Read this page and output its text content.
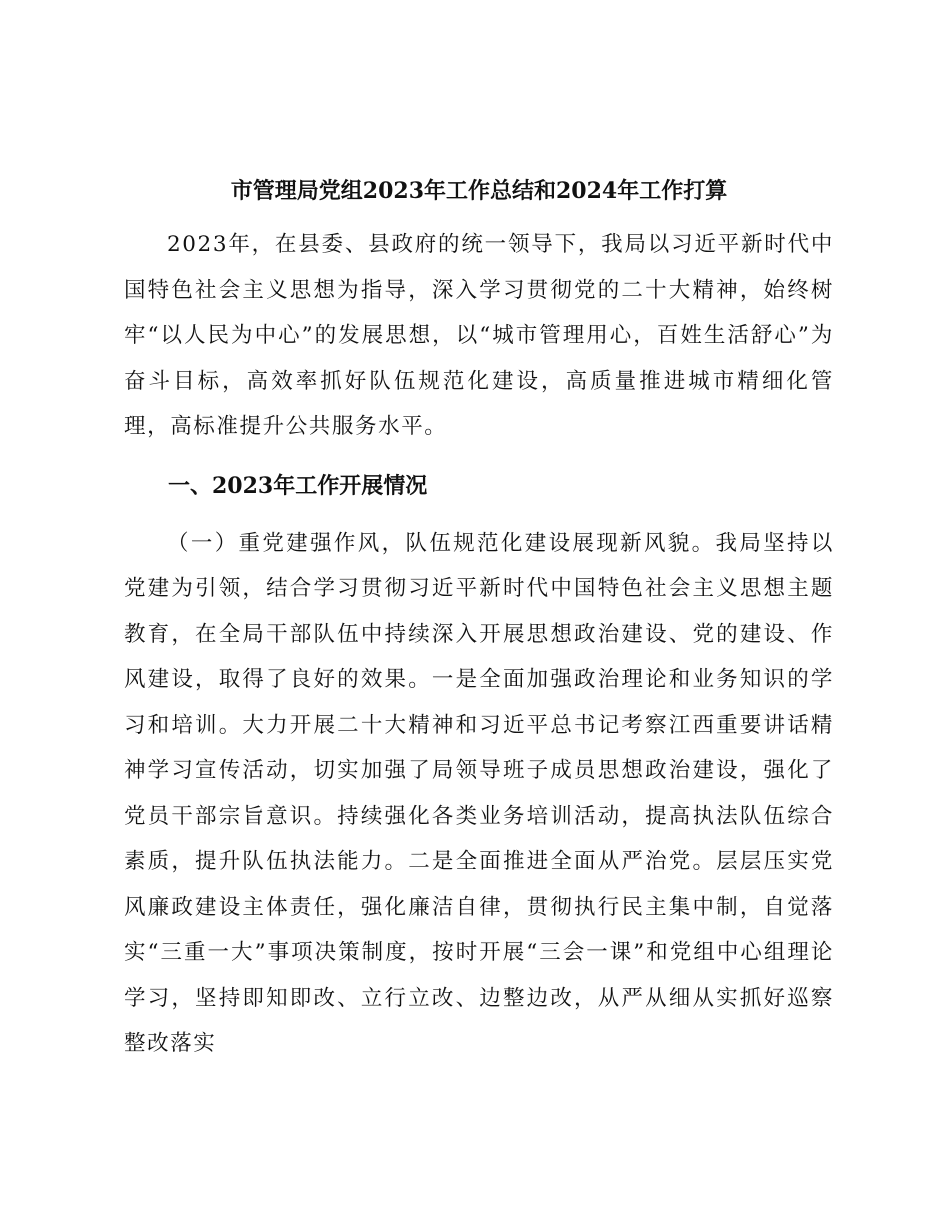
市管理局党组2023年工作总结和2024年工作打算

2023年，在县委、县政府的统一领导下，我局以习近平新时代中国特色社会主义思想为指导，深入学习贯彻党的二十大精神，始终树牢“以人民为中心”的发展思想，以“城市管理用心，百姓生活舒心”为奋斗目标，高效率抓好队伍规范化建设，高质量推进城市精细化管理，高标准提升公共服务水平。

一、2023年工作开展情况

（一）重党建强作风，队伍规范化建设展现新风貌。我局坚持以党建为引领，结合学习贯彻习近平新时代中国特色社会主义思想主题教育，在全局干部队伍中持续深入开展思想政治建设、党的建设、作风建设，取得了良好的效果。一是全面加强政治理论和业务知识的学习和培训。大力开展二十大精神和习近平总书记考察江西重要讲话精神学习宣传活动，切实加强了局领导班子成员思想政治建设，强化了党员干部宗旨意识。持续强化各类业务培训活动，提高执法队伍综合素质，提升队伍执法能力。二是全面推进全面从严治党。层层压实党风廉政建设主体责任，强化廉洁自律，贯彻执行民主集中制，自觉落实“三重一大”事项决策制度，按时开展“三会一课”和党组中心组理论学习，坚持即知即改、立行立改、边整边改，从严从细从实抓好巡察整改落实
